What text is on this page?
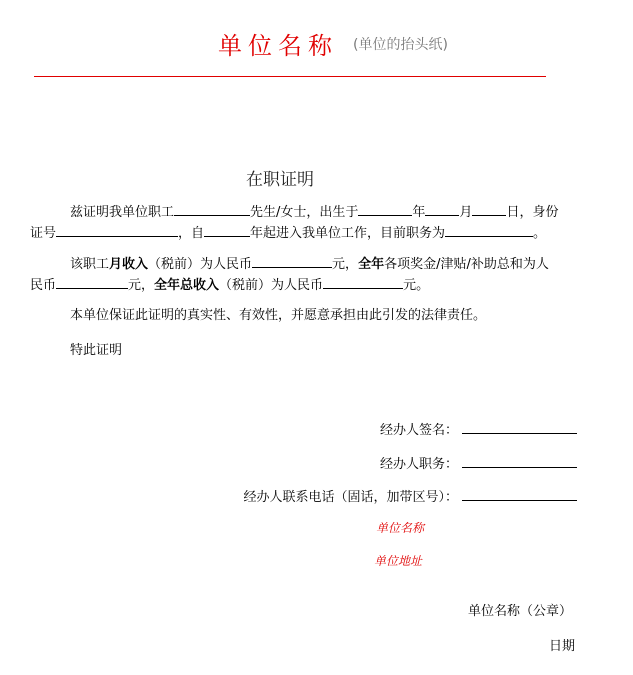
单位名称 (单位的抬头纸)
在职证明
兹证明我单位职工	先生/女士，出生于	年	月	日，身份
证号	，自	年起进入我单位工作，目前职务为	。
该职工月收入（税前）为人民币	元，全年各项奖金/津贴/补助总和为人
民币	元，全年总收入（税前）为人民币	元。
本单位保证此证明的真实性、有效性，并愿意承担由此引发的法律责任。
特此证明
经办人签名：
经办人职务：
经办人联系电话（固话，加带区号）：
单位名称
单位地址
单位名称（公章）
日期
